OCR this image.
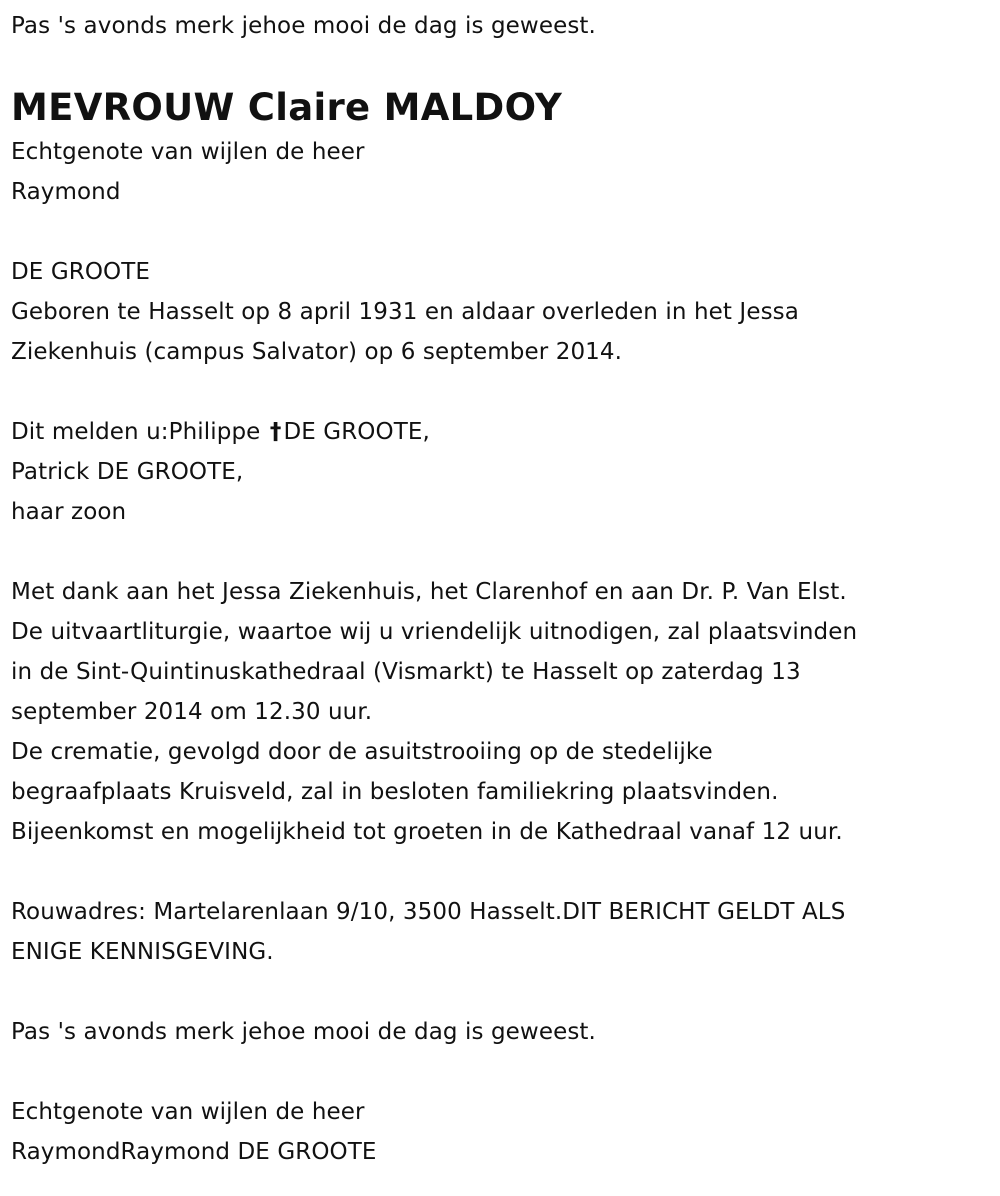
Pas 's avonds merk jehoe mooi de dag is geweest.
MEVROUW Claire MALDOY
Echtgenote van wijlen de heer
Raymond
DE GROOTE
Geboren te Hasselt op 8 april 1931 en aldaar overleden in het Jessa
Ziekenhuis (campus Salvator) op 6 september 2014.
Dit melden u:Philippe †DE GROOTE,
Patrick DE GROOTE,
haar zoon
Met dank aan het Jessa Ziekenhuis, het Clarenhof en aan Dr. P. Van Elst.
De uitvaartliturgie, waartoe wij u vriendelijk uitnodigen, zal plaatsvinden
in de Sint-Quintinuskathedraal (Vismarkt) te Hasselt op zaterdag 13
september 2014 om 12.30 uur.
De crematie, gevolgd door de asuitstrooiing op de stedelijke
begraafplaats Kruisveld, zal in besloten familiekring plaatsvinden.
Bijeenkomst en mogelijkheid tot groeten in de Kathedraal vanaf 12 uur.
Rouwadres: Martelarenlaan 9/10, 3500 Hasselt.DIT BERICHT GELDT ALS
ENIGE KENNISGEVING.
Pas 's avonds merk jehoe mooi de dag is geweest.
Echtgenote van wijlen de heer
RaymondRaymond DE GROOTE
